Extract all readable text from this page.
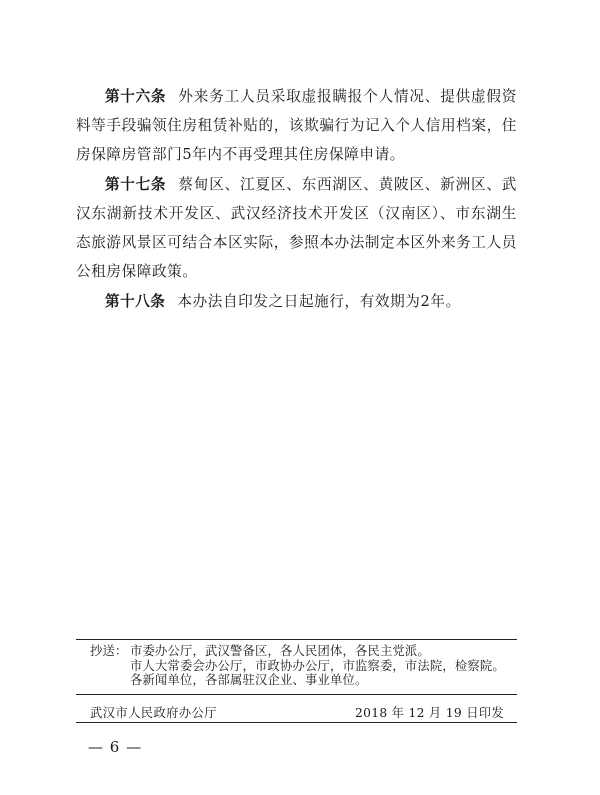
第十六条 外来务工人员采取虚报瞒报个人情况、提供虚假资料等手段骗领住房租赁补贴的，该欺骗行为记入个人信用档案，住房保障房管部门5年内不再受理其住房保障申请。
第十七条 蔡甸区、江夏区、东西湖区、黄陂区、新洲区、武汉东湖新技术开发区、武汉经济技术开发区（汉南区）、市东湖生态旅游风景区可结合本区实际，参照本办法制定本区外来务工人员公租房保障政策。
第十八条 本办法自印发之日起施行，有效期为2年。
抄送： 市委办公厅，武汉警备区，各人民团体，各民主党派。
市人大常委会办公厅，市政协办公厅，市监察委，市法院，检察院。
各新闻单位，各部属驻汉企业、事业单位。
武汉市人民政府办公厅	2018 年 12 月 19 日印发
— 6 —
